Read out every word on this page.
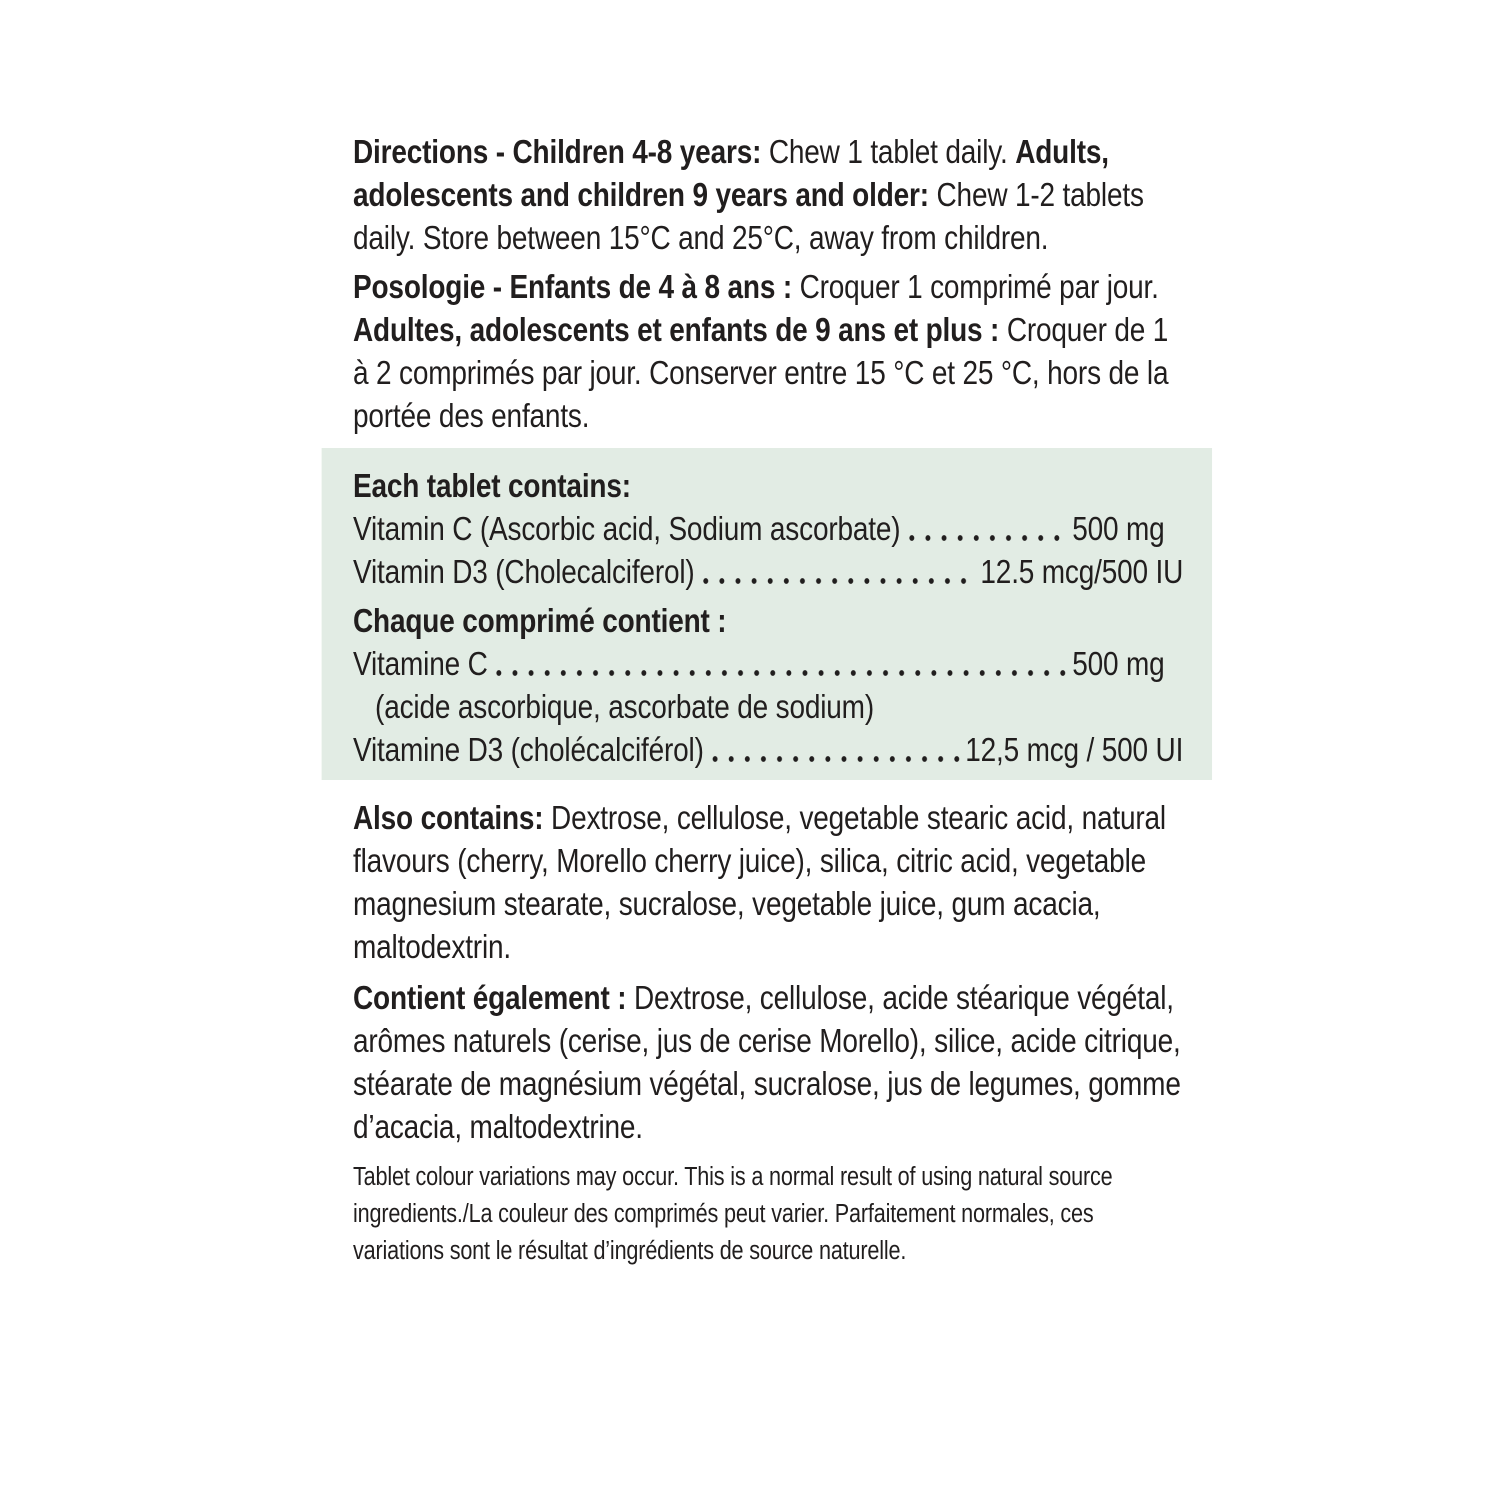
Directions - Children 4-8 years: Chew 1 tablet daily. Adults, adolescents and children 9 years and older: Chew 1-2 tablets daily. Store between 15°C and 25°C, away from children.

Posologie - Enfants de 4 à 8 ans : Croquer 1 comprimé par jour. Adultes, adolescents et enfants de 9 ans et plus : Croquer de 1 à 2 comprimés par jour. Conserver entre 15 °C et 25 °C, hors de la portée des enfants.

Each tablet contains:
Vitamin C (Ascorbic acid, Sodium ascorbate)	500 mg
Vitamin D3 (Cholecalciferol)	12.5 mcg/500 IU
Chaque comprimé contient :
Vitamine C	500 mg
(acide ascorbique, ascorbate de sodium)
Vitamine D3 (cholécalciférol)	12,5 mcg / 500 UI

Also contains: Dextrose, cellulose, vegetable stearic acid, natural flavours (cherry, Morello cherry juice), silica, citric acid, vegetable magnesium stearate, sucralose, vegetable juice, gum acacia, maltodextrin.

Contient également : Dextrose, cellulose, acide stéarique végétal, arômes naturels (cerise, jus de cerise Morello), silice, acide citrique, stéarate de magnésium végétal, sucralose, jus de legumes, gomme d’acacia, maltodextrine.

Tablet colour variations may occur. This is a normal result of using natural source ingredients./La couleur des comprimés peut varier. Parfaitement normales, ces variations sont le résultat d’ingrédients de source naturelle.
